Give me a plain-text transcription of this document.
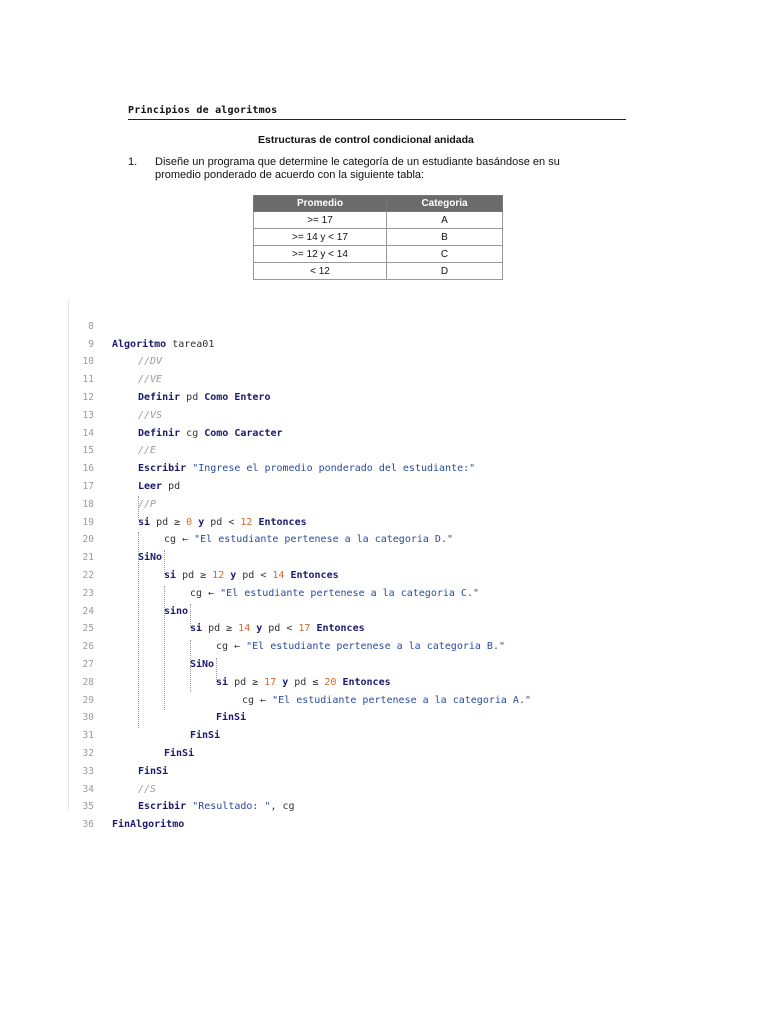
Principios de algoritmos
Estructuras de control condicional anidada
1. Diseñe un programa que determine le categoría de un estudiante basándose en su
promedio ponderado de acuerdo con la siguiente tabla:
Promedio	Categoria
>= 17	A
>= 14 y < 17	B
>= 12 y < 14	C
< 12	D

8

Algoritmo tarea01

9

//DV

10

//VE

11

Definir pd Como Entero

12

//VS

13

Definir cg Como Caracter

14

//E

15

Escribir "Ingrese el promedio ponderado del estudiante:"

16

Leer pd

17

//P

18

si pd ≥ 0 y pd < 12 Entonces

19

cg ← "El estudiante pertenese a la categoria D."

20

SiNo

21

si pd ≥ 12 y pd < 14 Entonces

22

cg ← "El estudiante pertenese a la categoria C."

23

sino

24

si pd ≥ 14 y pd < 17 Entonces

25

cg ← "El estudiante pertenese a la categoria B."

26

SiNo

27

si pd ≥ 17 y pd ≤ 20 Entonces

28

cg ← "El estudiante pertenese a la categoria A."

29

FinSi

30

FinSi

31

FinSi

32

FinSi

33

//S

34

Escribir "Resultado: ", cg

35

FinAlgoritmo

36
